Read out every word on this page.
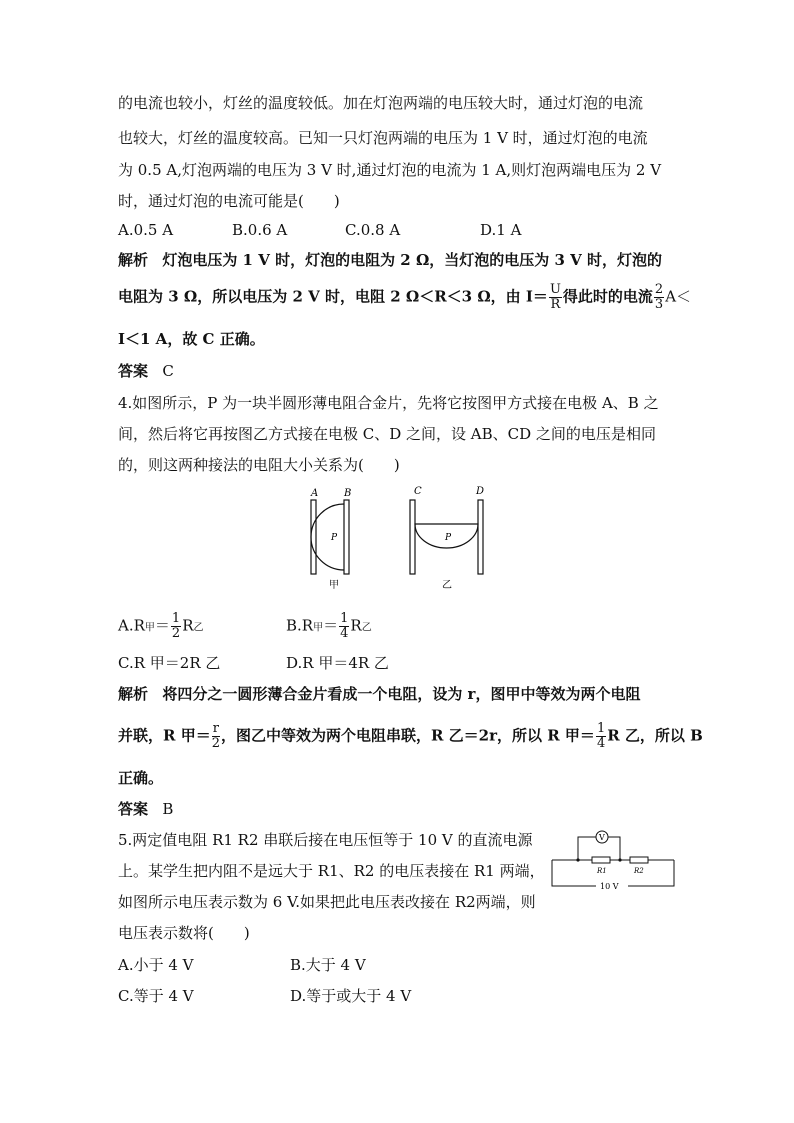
的电流也较小，灯丝的温度较低。加在灯泡两端的电压较大时，通过灯泡的电流
也较大，灯丝的温度较高。已知一只灯泡两端的电压为 1 V 时，通过灯泡的电流
为 0.5 A,灯泡两端的电压为 3 V 时,通过灯泡的电流为 1 A,则灯泡两端电压为 2 V
时，通过灯泡的电流可能是(　　)
A.0.5 A	B.0.6 A	C.0.8 A	D.1 A
解析 灯泡电压为 1 V 时，灯泡的电阻为 2 Ω，当灯泡的电压为 3 V 时，灯泡的
电阻为 3 Ω，所以电压为 2 V 时，电阻 2 Ω＜R＜3 Ω，由 $I= \frac{U}{R}$ 得此时的电流 $\frac{2}{3} A<$
I＜1 A，故 C 正确。
答案 C
4.如图所示，P 为一块半圆形薄电阻合金片，先将它按图甲方式接在电极 A、B 之
间，然后将它再按图乙方式接在电极 C、D 之间，设 AB、CD 之间的电压是相同
的，则这两种接法的电阻大小关系为(　　)
A	B
P
甲
C	D
P
乙
A.R甲＝ $\frac{1}{2}$ R乙	B.R甲＝ $\frac{1}{4}$ R乙
C.R 甲＝2R 乙	D.R 甲＝4R 乙
解析 将四分之一圆形薄合金片看成一个电阻，设为 r，图甲中等效为两个电阻
并联，R 甲＝ $\frac{r}{2}$ ，图乙中等效为两个电阻串联，R 乙＝2r，所以 R 甲＝ $\frac{1}{4}$ R 乙，所以 B
正确。
答案 B
5.两定值电阻 R1 R2 串联后接在电压恒等于 10 V 的直流电源
上。某学生把内阻不是远大于 R1、R2 的电压表接在 R1 两端，
如图所示电压表示数为 6 V.如果把此电压表改接在 R2两端，则
电压表示数将(　　)
V
R1	R2
10 V
A.小于 4 V	B.大于 4 V
C.等于 4 V	D.等于或大于 4 V
